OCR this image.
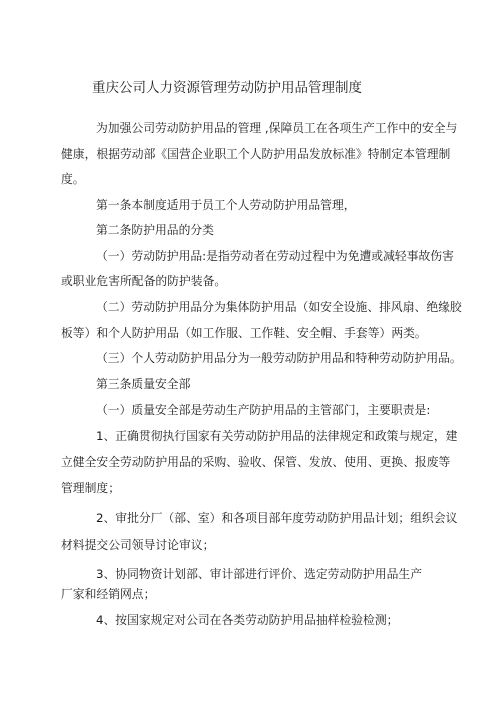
重庆公司人力资源管理劳动防护用品管理制度
为加强公司劳动防护用品的管理 ,保障员工在各项生产工作中的安全与
健康，根据劳动部《国营企业职工个人防护用品发放标准》特制定本管理制
度。
第一条本制度适用于员工个人劳动防护用品管理，
第二条防护用品的分类
（一）劳动防护用品:是指劳动者在劳动过程中为免遭或减轻事故伤害
或职业危害所配备的防护装备。
（二）劳动防护用品分为集体防护用品（如安全设施、排风扇、绝缘胶
板等）和个人防护用品（如工作服、工作鞋、安全帽、手套等）两类。
（三）个人劳动防护用品分为一般劳动防护用品和特种劳动防护用品。
第三条质量安全部
（一）质量安全部是劳动生产防护用品的主管部门，主要职责是:
1、正确贯彻执行国家有关劳动防护用品的法律规定和政策与规定，建
立健全安全劳动防护用品的采购、验收、保管、发放、使用、更换、报废等
管理制度；
2、审批分厂（部、室）和各项目部年度劳动防护用品计划；组织会议
材料提交公司领导讨论审议；
3、协同物资计划部、审计部进行评价、选定劳动防护用品生产
厂家和经销网点；
4、按国家规定对公司在各类劳动防护用品抽样检验检测；
